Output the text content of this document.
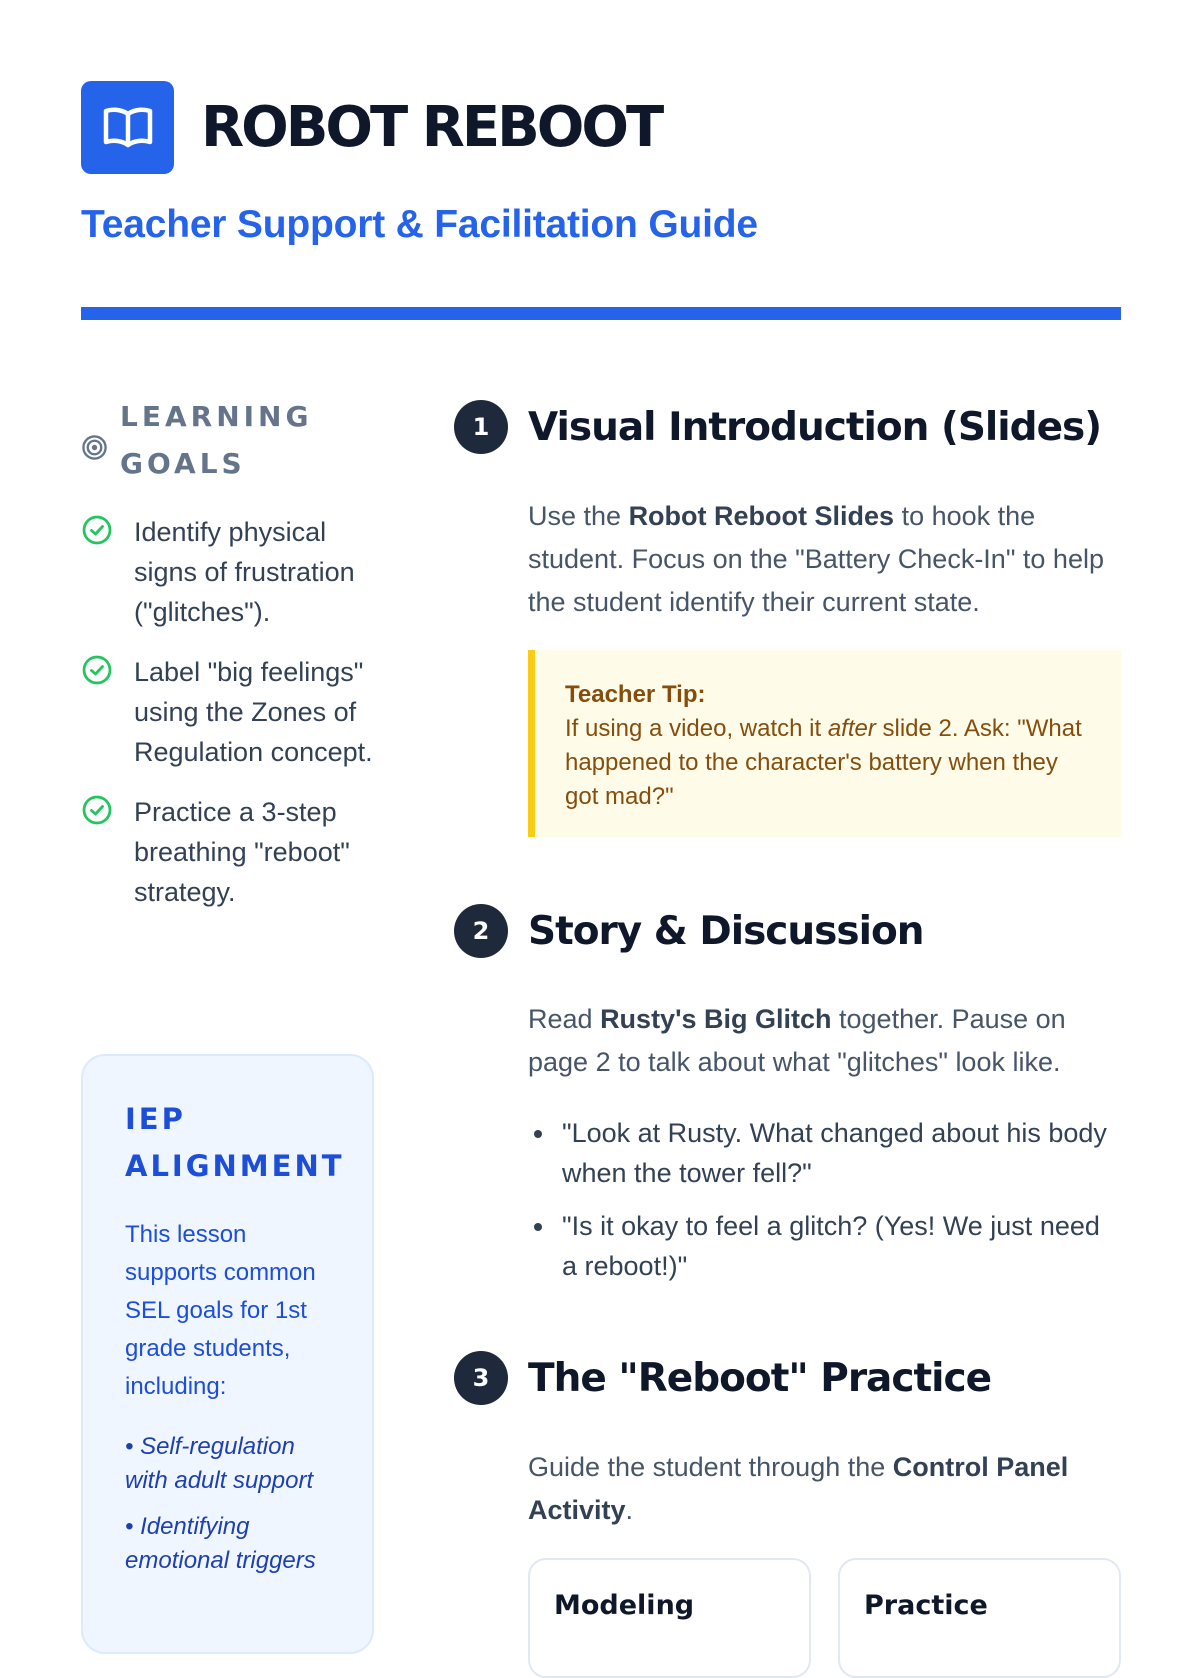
ROBOT REBOOT
Teacher Support & Facilitation Guide
LEARNING GOALS
Identify physical signs of frustration ("glitches").
Label "big feelings" using the Zones of Regulation concept.
Practice a 3-step breathing "reboot" strategy.
IEP ALIGNMENT
This lesson supports common SEL goals for 1st grade students, including:
• Self-regulation with adult support
• Identifying emotional triggers
1 Visual Introduction (Slides)

Use the Robot Reboot Slides to hook the student. Focus on the "Battery Check-In" to help the student identify their current state.

Teacher Tip:
If using a video, watch it after slide 2. Ask: "What happened to the character's battery when they got mad?"
2 Story & Discussion

Read Rusty's Big Glitch together. Pause on page 2 to talk about what "glitches" look like.

"Look at Rusty. What changed about his body when the tower fell?"
"Is it okay to feel a glitch? (Yes! We just need a reboot!)"
3 The "Reboot" Practice

Guide the student through the Control Panel Activity.

Modeling	Practice
